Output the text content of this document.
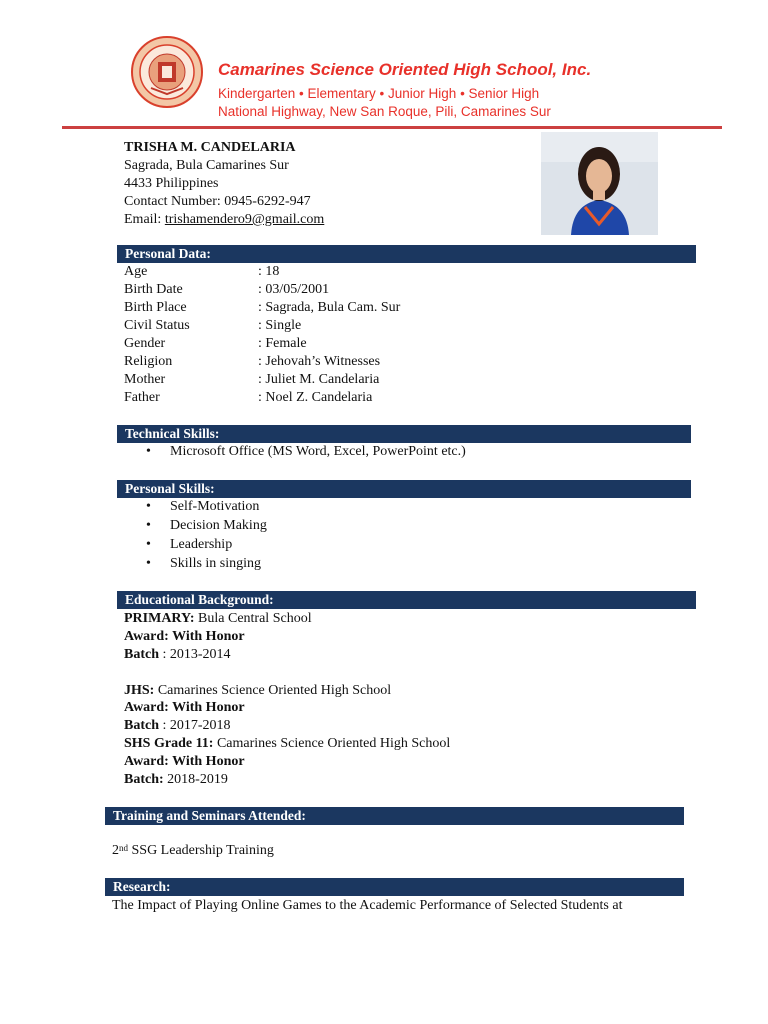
Camarines Science Oriented High School, Inc.
Kindergarten • Elementary • Junior High • Senior High
National Highway, New San Roque, Pili, Camarines Sur
TRISHA M. CANDELARIA
Sagrada, Bula Camarines Sur
4433 Philippines
Contact Number: 0945-6292-947
Email: trishamendero9@gmail.com
Personal Data:
Age	: 18
Birth Date	: 03/05/2001
Birth Place	: Sagrada, Bula Cam. Sur
Civil Status	: Single
Gender	: Female
Religion	: Jehovah’s Witnesses
Mother	: Juliet M. Candelaria
Father	: Noel Z. Candelaria
Technical Skills:
• Microsoft Office (MS Word, Excel, PowerPoint etc.)
Personal Skills:
• Self-Motivation
• Decision Making
• Leadership
• Skills in singing
Educational Background:
PRIMARY: Bula Central School
Award: With Honor
Batch : 2013-2014
JHS: Camarines Science Oriented High School
Award: With Honor
Batch : 2017-2018
SHS Grade 11: Camarines Science Oriented High School
Award: With Honor
Batch: 2018-2019
Training and Seminars Attended:
2nd SSG Leadership Training
Research:
The Impact of Playing Online Games to the Academic Performance of Selected Students at
